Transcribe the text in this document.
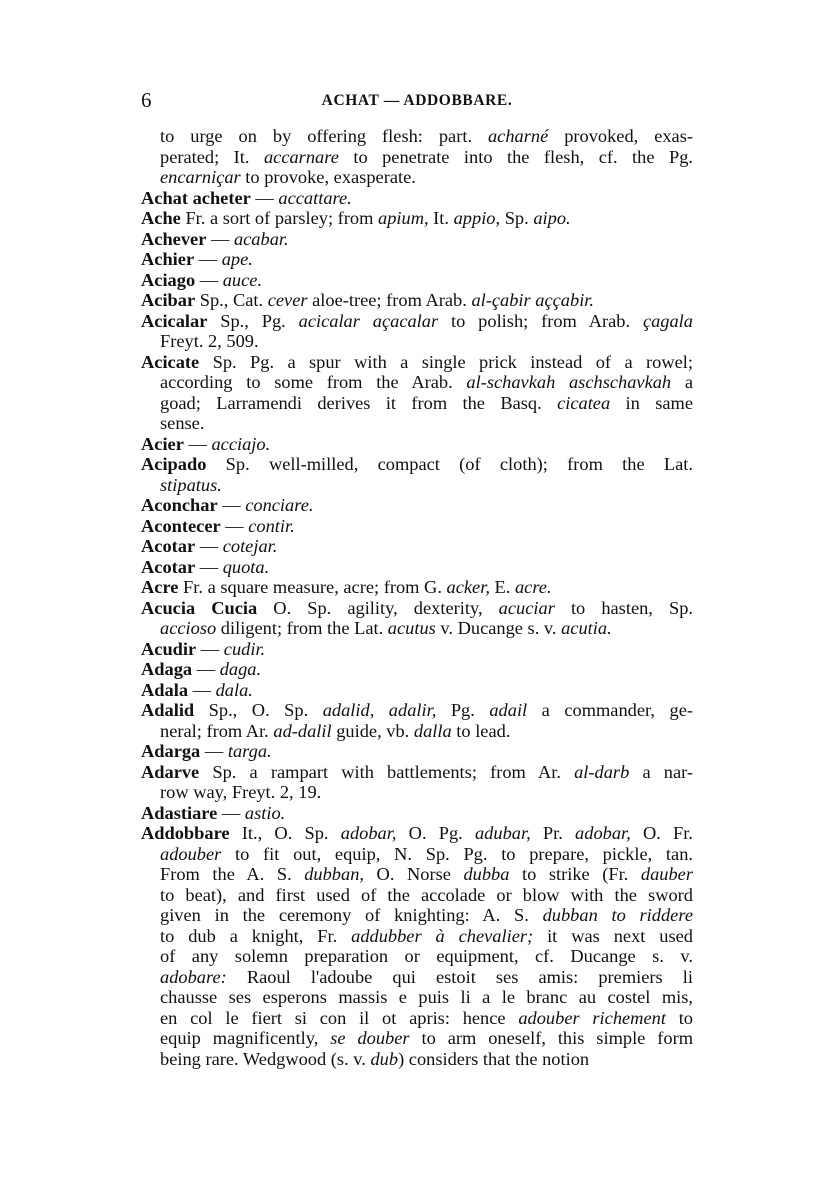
6	ACHAT — ADDOBBARE.
to urge on by offering flesh: part. acharné provoked, exas-
perated; It. accarnare to penetrate into the flesh, cf. the Pg.
encarniçar to provoke, exasperate.
Achat acheter — accattare.
Ache Fr. a sort of parsley; from apium, It. appio, Sp. aipo.
Achever — acabar.
Achier — ape.
Aciago — auce.
Acibar Sp., Cat. cever aloe-tree; from Arab. al-çabir aççabir.
Acicalar Sp., Pg. acicalar açacalar to polish; from Arab. çagala
Freyt. 2, 509.
Acicate Sp. Pg. a spur with a single prick instead of a rowel;
according to some from the Arab. al-schavkah aschschavkah a
goad; Larramendi derives it from the Basq. cicatea in same
sense.
Acier — acciajo.
Acipado Sp. well-milled, compact (of cloth); from the Lat.
stipatus.
Aconchar — conciare.
Acontecer — contir.
Acotar — cotejar.
Acotar — quota.
Acre Fr. a square measure, acre; from G. acker, E. acre.
Acucia Cucia O. Sp. agility, dexterity, acuciar to hasten, Sp.
accioso diligent; from the Lat. acutus v. Ducange s. v. acutia.
Acudir — cudir.
Adaga — daga.
Adala — dala.
Adalid Sp., O. Sp. adalid, adalir, Pg. adail a commander, ge-
neral; from Ar. ad-dalil guide, vb. dalla to lead.
Adarga — targa.
Adarve Sp. a rampart with battlements; from Ar. al-darb a nar-
row way, Freyt. 2, 19.
Adastiare — astio.
Addobbare It., O. Sp. adobar, O. Pg. adubar, Pr. adobar, O. Fr.
adouber to fit out, equip, N. Sp. Pg. to prepare, pickle, tan.
From the A. S. dubban, O. Norse dubba to strike (Fr. dauber
to beat), and first used of the accolade or blow with the sword
given in the ceremony of knighting: A. S. dubban to riddere
to dub a knight, Fr. addubber à chevalier; it was next used
of any solemn preparation or equipment, cf. Ducange s. v.
adobare: Raoul l'adoube qui estoit ses amis: premiers li
chausse ses esperons massis e puis li a le branc au costel mis,
en col le fiert si con il ot apris: hence adouber richement to
equip magnificently, se douber to arm oneself, this simple form
being rare. Wedgwood (s. v. dub) considers that the notion
